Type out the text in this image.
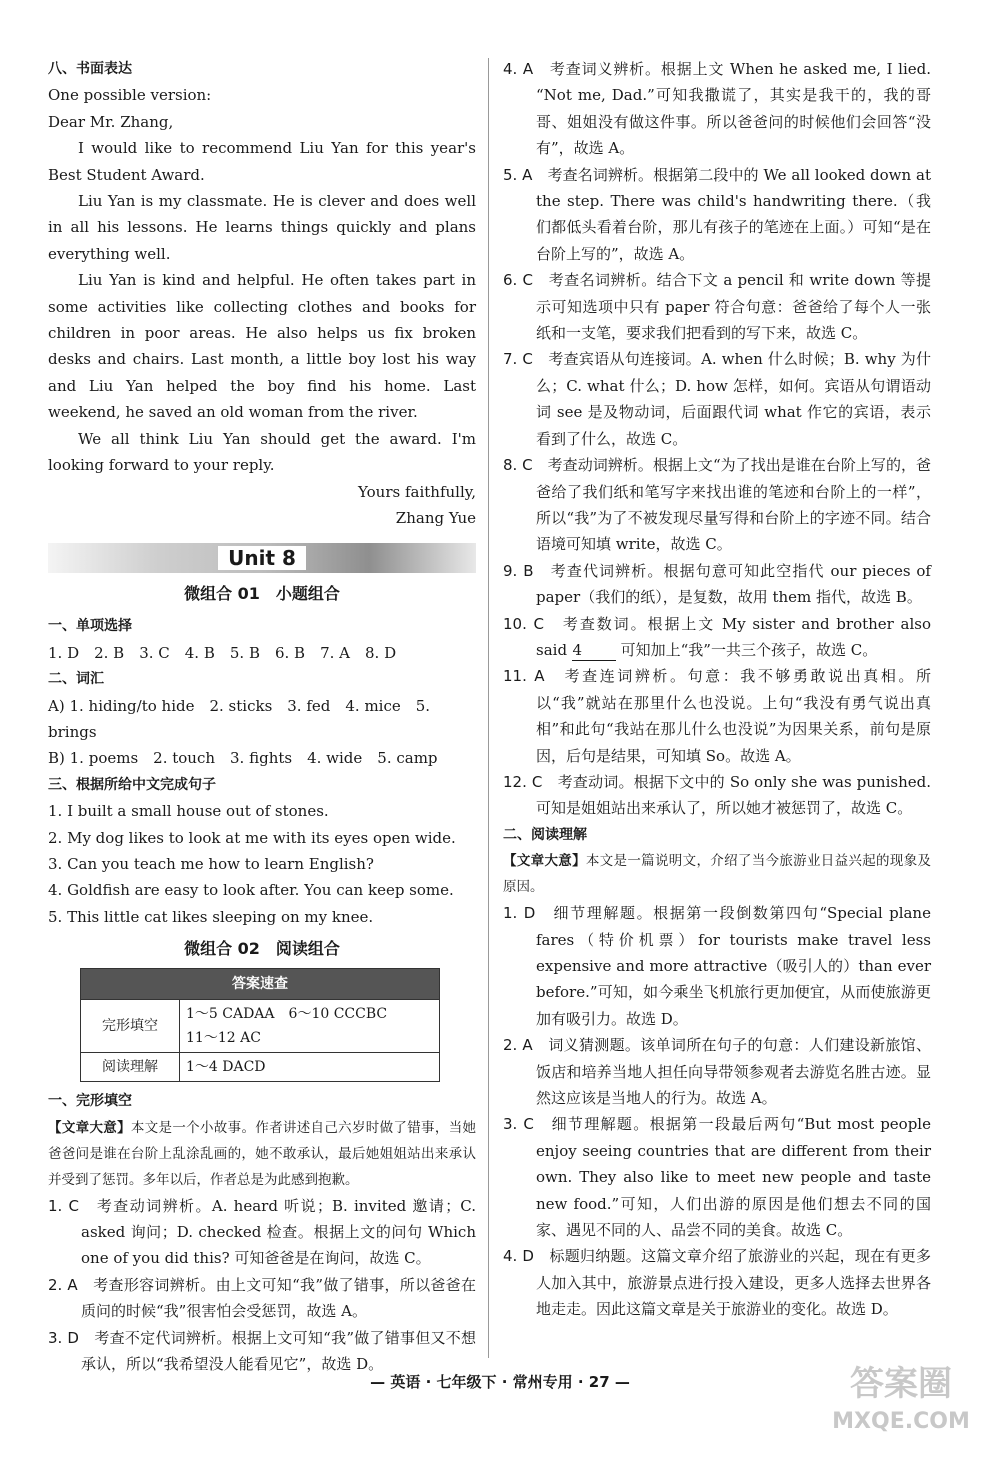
八、书面表达

One possible version:

Dear Mr. Zhang,

I would like to recommend Liu Yan for this year's Best Student Award.

Liu Yan is my classmate. He is clever and does well in all his lessons. He learns things quickly and plans everything well.

Liu Yan is kind and helpful. He often takes part in some activities like collecting clothes and books for children in poor areas. He also helps us fix broken desks and chairs. Last month, a little boy lost his way and Liu Yan helped the boy find his home. Last weekend, he saved an old woman from the river.

We all think Liu Yan should get the award. I'm looking forward to your reply.

Yours faithfully,

Zhang Yue

Unit 8

微组合 01　小题组合

一、单项选择

1. D　2. B　3. C　4. B　5. B　6. B　7. A　8. D

二、词汇

A) 1. hiding/to hide　2. sticks　3. fed　4. mice　5. brings

B) 1. poems　2. touch　3. fights　4. wide　5. camp

三、根据所给中文完成句子

1. I built a small house out of stones.

2. My dog likes to look at me with its eyes open wide.

3. Can you teach me how to learn English?

4. Goldfish are easy to look after. You can keep some.

5. This little cat likes sleeping on my knee.

微组合 02　阅读组合

答案速查	
完形填空	1～5 CADAA　6～10 CCCBC
11～12 AC

阅读理解	1～4 DACD

一、完形填空

【文章大意】本文是一个小故事。作者讲述自己六岁时做了错事，当她爸爸问是谁在台阶上乱涂乱画的，她不敢承认，最后她姐姐站出来承认并受到了惩罚。多年以后，作者总是为此感到抱歉。

1. C　 考查动词辨析。A. heard 听说；B. invited 邀请；C. asked 询问；D. checked 检查。根据上文的问句 Which one of you did this? 可知爸爸是在询问，故选 C。

2. A　 考查形容词辨析。由上文可知“我”做了错事，所以爸爸在质问的时候“我”很害怕会受惩罚，故选 A。

3. D　 考查不定代词辨析。根据上文可知“我”做了错事但又不想承认，所以“我希望没人能看见它”，故选 D。

4. A　 考查词义辨析。根据上文 When he asked me, I lied. “Not me, Dad.”可知我撒谎了，其实是我干的，我的哥哥、姐姐没有做这件事。所以爸爸问的时候他们会回答“没有”，故选 A。

5. A　 考查名词辨析。根据第二段中的 We all looked down at the step. There was child's handwriting there.（我们都低头看着台阶，那儿有孩子的笔迹在上面。）可知“是在台阶上写的”，故选 A。

6. C　 考查名词辨析。结合下文 a pencil 和 write down 等提示可知选项中只有 paper 符合句意：爸爸给了每个人一张纸和一支笔，要求我们把看到的写下来，故选 C。

7. C　 考查宾语从句连接词。A. when 什么时候；B. why 为什么；C. what 什么；D. how 怎样，如何。宾语从句谓语动词 see 是及物动词，后面跟代词 what 作它的宾语，表示看到了什么，故选 C。

8. C　 考查动词辨析。根据上文“为了找出是谁在台阶上写的，爸爸给了我们纸和笔写字来找出谁的笔迹和台阶上的一样”，所以“我”为了不被发现尽量写得和台阶上的字迹不同。结合语境可知填 write，故选 C。

9. B　 考查代词辨析。根据句意可知此空指代 our pieces of paper（我们的纸），是复数，故用 them 指代，故选 B。

10. C　 考查数词。根据上文 My sister and brother also said 4	可知加上“我”一共三个孩子，故选 C。

11. A　 考查连词辨析。句意：我不够勇敢说出真相。所以“我”就站在那里什么也没说。上句“我没有勇气说出真相”和此句“我站在那儿什么也没说”为因果关系，前句是原因，后句是结果，可知填 So。故选 A。

12. C　 考查动词。根据下文中的 So only she was punished. 可知是姐姐站出来承认了，所以她才被惩罚了，故选 C。

二、阅读理解

【文章大意】本文是一篇说明文，介绍了当今旅游业日益兴起的现象及原因。

1. D　 细节理解题。根据第一段倒数第四句“Special plane fares（特价机票）for tourists make travel less expensive and more attractive（吸引人的）than ever before.”可知，如今乘坐飞机旅行更加便宜，从而使旅游更加有吸引力。故选 D。

2. A　 词义猜测题。该单词所在句子的句意：人们建设新旅馆、饭店和培养当地人担任向导带领参观者去游览名胜古迹。显然这应该是当地人的行为。故选 A。

3. C　 细节理解题。根据第一段最后两句“But most people enjoy seeing countries that are different from their own. They also like to meet new people and taste new food.”可知，人们出游的原因是他们想去不同的国家、遇见不同的人、品尝不同的美食。故选 C。

4. D　 标题归纳题。这篇文章介绍了旅游业的兴起，现在有更多人加入其中，旅游景点进行投入建设，更多人选择去世界各地走走。因此这篇文章是关于旅游业的变化。故选 D。

— 英语 · 七年级下 · 常州专用 · 27 —	答案圈
MXQE.COM
